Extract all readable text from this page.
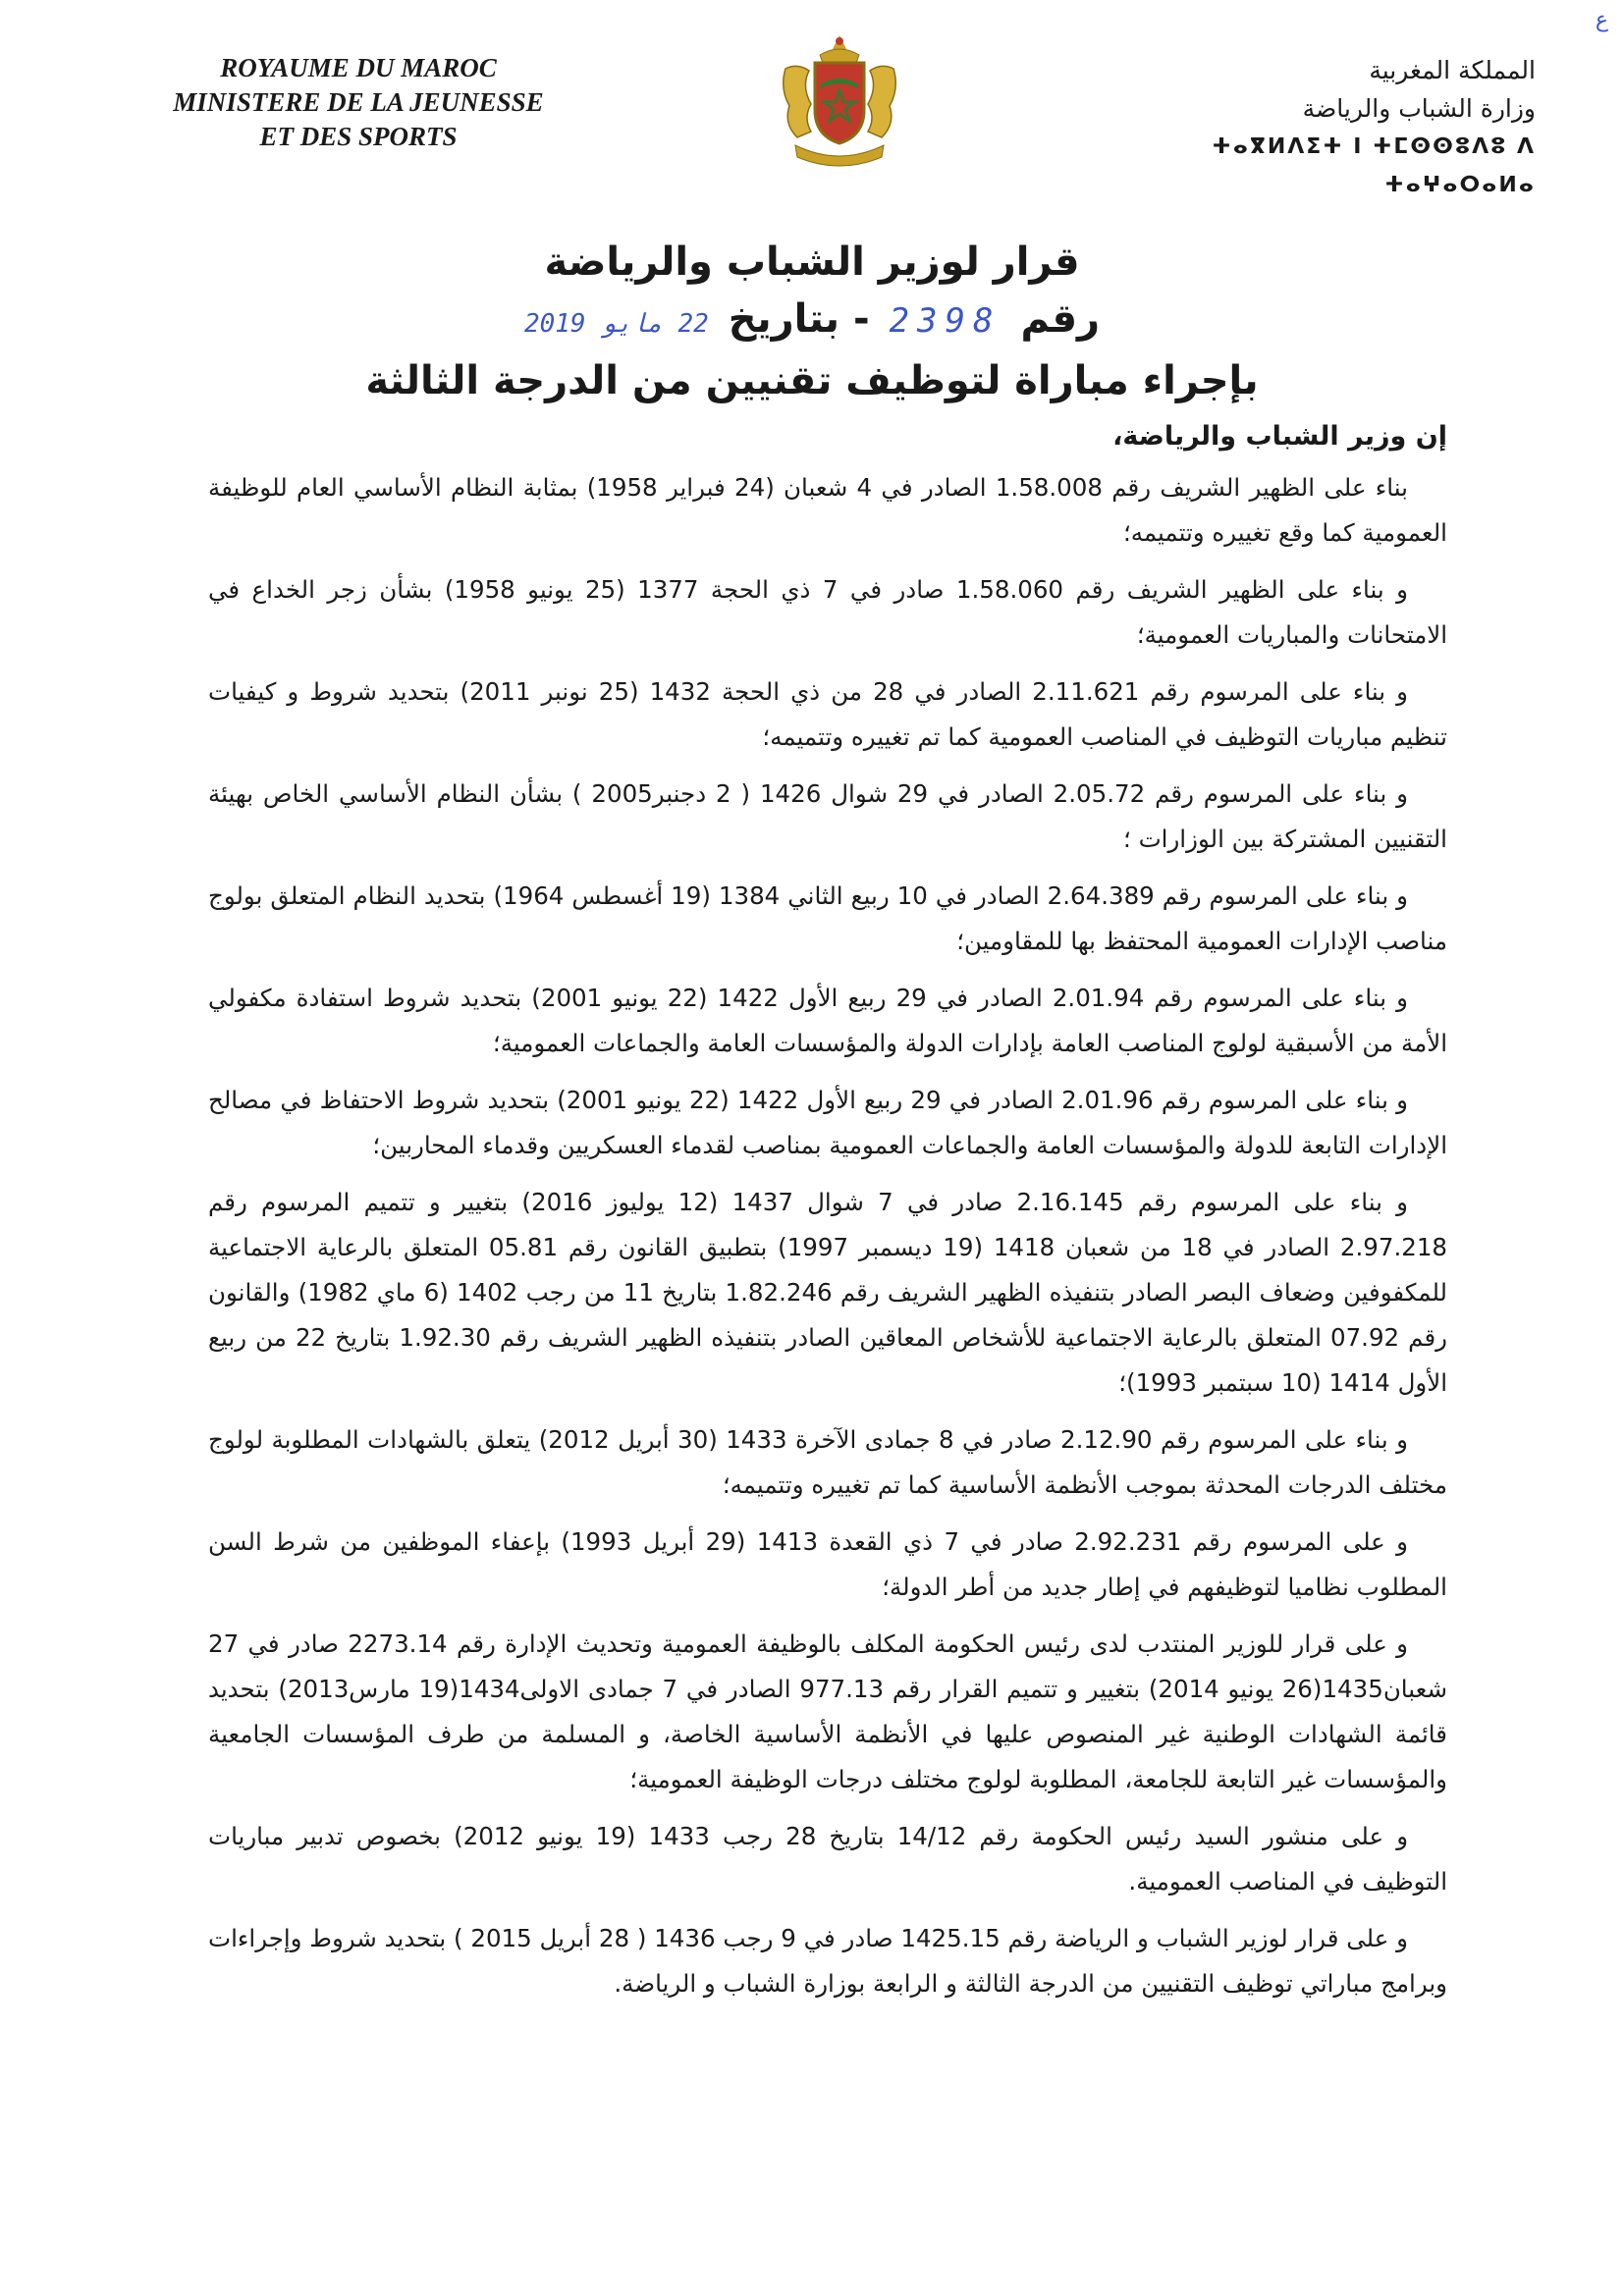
ع
ROYAUME DU MAROC
MINISTERE DE LA JEUNESSE
ET DES SPORTS
المملكة المغربية
وزارة الشباب والرياضة
ⵜⴰⴳⵍⴷⵉⵜ ⵏ ⵜⵎⵙⵙⵓⴷⵓ ⴷ ⵜⴰⵖⴰⵔⴰⵍⴰ
قرار لوزير الشباب والرياضة
رقم
2398
- بتاريخ
22 مايو 2019
بإجراء مباراة لتوظيف تقنيين من الدرجة الثالثة
إن وزير الشباب والرياضة،

بناء على الظهير الشريف رقم 1.58.008 الصادر في 4 شعبان (24 فبراير 1958) بمثابة النظام الأساسي العام للوظيفة العمومية كما وقع تغييره وتتميمه؛

و بناء على الظهير الشريف رقم 1.58.060 صادر في 7 ذي الحجة 1377 (25 يونيو 1958) بشأن زجر الخداع في الامتحانات والمباريات العمومية؛

و بناء على المرسوم رقم 2.11.621 الصادر في 28 من ذي الحجة 1432 (25 نونبر 2011) بتحديد شروط و كيفيات تنظيم مباريات التوظيف في المناصب العمومية كما تم تغييره وتتميمه؛

و بناء على المرسوم رقم 2.05.72 الصادر في 29 شوال 1426 ( 2 دجنبر2005 ) بشأن النظام الأساسي الخاص بهيئة التقنيين المشتركة بين الوزارات ؛

و بناء على المرسوم رقم 2.64.389 الصادر في 10 ربيع الثاني 1384 (19 أغسطس 1964) بتحديد النظام المتعلق بولوج مناصب الإدارات العمومية المحتفظ بها للمقاومين؛

و بناء على المرسوم رقم 2.01.94 الصادر في 29 ربيع الأول 1422 (22 يونيو 2001) بتحديد شروط استفادة مكفولي الأمة من الأسبقية لولوج المناصب العامة بإدارات الدولة والمؤسسات العامة والجماعات العمومية؛

و بناء على المرسوم رقم 2.01.96 الصادر في 29 ربيع الأول 1422 (22 يونيو 2001) بتحديد شروط الاحتفاظ في مصالح الإدارات التابعة للدولة والمؤسسات العامة والجماعات العمومية بمناصب لقدماء العسكريين وقدماء المحاربين؛

و بناء على المرسوم رقم 2.16.145 صادر في 7 شوال 1437 (12 يوليوز 2016) بتغيير و تتميم المرسوم رقم 2.97.218 الصادر في 18 من شعبان 1418 (19 ديسمبر 1997) بتطبيق القانون رقم 05.81 المتعلق بالرعاية الاجتماعية للمكفوفين وضعاف البصر الصادر بتنفيذه الظهير الشريف رقم 1.82.246 بتاريخ 11 من رجب 1402 (6 ماي 1982) والقانون رقم 07.92 المتعلق بالرعاية الاجتماعية للأشخاص المعاقين الصادر بتنفيذه الظهير الشريف رقم 1.92.30 بتاريخ 22 من ربيع الأول 1414 (10 سبتمبر 1993)؛

و بناء على المرسوم رقم 2.12.90 صادر في 8 جمادى الآخرة 1433 (30 أبريل 2012) يتعلق بالشهادات المطلوبة لولوج مختلف الدرجات المحدثة بموجب الأنظمة الأساسية كما تم تغييره وتتميمه؛

و على المرسوم رقم 2.92.231 صادر في 7 ذي القعدة 1413 (29 أبريل 1993) بإعفاء الموظفين من شرط السن المطلوب نظاميا لتوظيفهم في إطار جديد من أطر الدولة؛

و على قرار للوزير المنتدب لدى رئيس الحكومة المكلف بالوظيفة العمومية وتحديث الإدارة رقم 2273.14 صادر في 27 شعبان1435(26 يونيو 2014) بتغيير و تتميم القرار رقم 977.13 الصادر في 7 جمادى الاولى1434(19 مارس2013) بتحديد قائمة الشهادات الوطنية غير المنصوص عليها في الأنظمة الأساسية الخاصة، و المسلمة من طرف المؤسسات الجامعية والمؤسسات غير التابعة للجامعة، المطلوبة لولوج مختلف درجات الوظيفة العمومية؛

و على منشور السيد رئيس الحكومة رقم 14/12 بتاريخ 28 رجب 1433 (19 يونيو 2012) بخصوص تدبير مباريات التوظيف في المناصب العمومية.

و على قرار لوزير الشباب و الرياضة رقم 1425.15 صادر في 9 رجب 1436 ( 28 أبريل 2015 ) بتحديد شروط وإجراءات وبرامج مباراتي توظيف التقنيين من الدرجة الثالثة و الرابعة بوزارة الشباب و الرياضة.
